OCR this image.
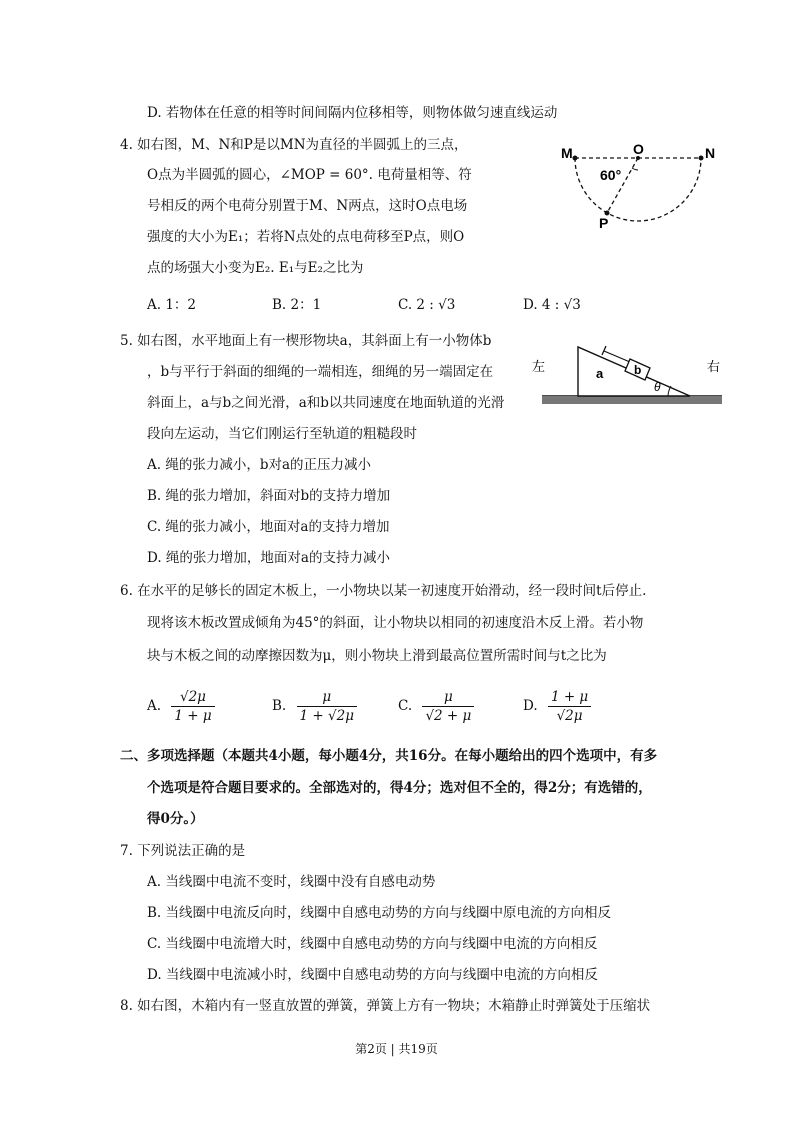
D. 若物体在任意的相等时间间隔内位移相等，则物体做匀速直线运动
4. 如右图，M、N和P是以MN为直径的半圆弧上的三点，
O点为半圆弧的圆心，∠MOP = 60°. 电荷量相等、符
号相反的两个电荷分别置于M、N两点，这时O点电场
强度的大小为E₁；若将N点处的点电荷移至P点，则O
点的场强大小变为E₂. E₁与E₂之比为
M	O	N
P
60°
A. 1：2	B. 2：1	C. 2 : √3	D. 4 : √3
5. 如右图，水平地面上有一楔形物块a，其斜面上有一小物体b
，b与平行于斜面的细绳的一端相连，细绳的另一端固定在
斜面上，a与b之间光滑，a和b以共同速度在地面轨道的光滑
段向左运动，当它们刚运行至轨道的粗糙段时
左	右
a	b
θ
A. 绳的张力减小，b对a的正压力减小
B. 绳的张力增加，斜面对b的支持力增加
C. 绳的张力减小，地面对a的支持力增加
D. 绳的张力增加，地面对a的支持力减小
6. 在水平的足够长的固定木板上，一小物块以某一初速度开始滑动，经一段时间t后停止.
现将该木板改置成倾角为45°的斜面，让小物块以相同的初速度沿木反上滑。若小物
块与木板之间的动摩擦因数为μ，则小物块上滑到最高位置所需时间与t之比为
A. $\frac{√2\mu}{1 + \mu}$	B. $\frac{\mu}{1 + √2\mu}$	C. $\frac{\mu}{√2 + \mu}$	D. $\frac{1 + \mu}{√2\mu}$
二、多项选择题（本题共4小题，每小题4分，共16分。在每小题给出的四个选项中，有多
个选项是符合题目要求的。全部选对的，得4分；选对但不全的，得2分；有选错的，
得0分。）
7. 下列说法正确的是
A. 当线圈中电流不变时，线圈中没有自感电动势
B. 当线圈中电流反向时，线圈中自感电动势的方向与线圈中原电流的方向相反
C. 当线圈中电流增大时，线圈中自感电动势的方向与线圈中电流的方向相反
D. 当线圈中电流减小时，线圈中自感电动势的方向与线圈中电流的方向相反
8. 如右图，木箱内有一竖直放置的弹簧，弹簧上方有一物块；木箱静止时弹簧处于压缩状
第2页 | 共19页
